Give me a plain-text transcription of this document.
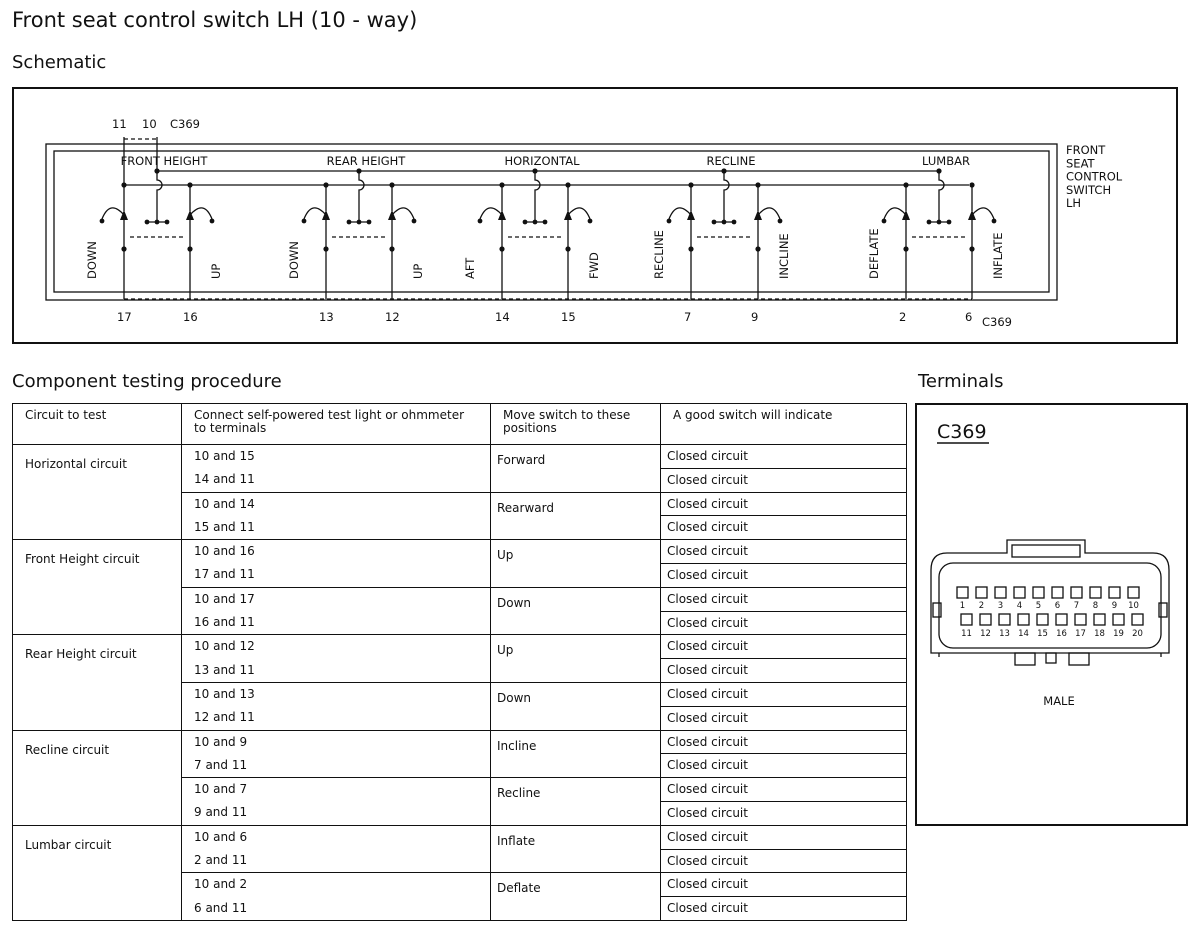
Front seat control switch LH (10 - way)
Schematic
FRONT
SEAT
CONTROL
SWITCH
LH
11 10 C369
C369
FRONT HEIGHT
DOWN	UP
17	16
REAR HEIGHT
DOWN	UP
13	12
HORIZONTAL
AFT	FWD
14	15
RECLINE
RECLINE	INCLINE
7	9
LUMBAR
DEFLATE	INFLATE
2	6
Component testing procedure	Terminals
Circuit to test	Connect self-powered test light or ohmmeter to terminals	Move switch to these positions	A good switch will indicate
Horizontal circuit	10 and 15	Forward	Closed circuit
	14 and 11		Closed circuit
	10 and 14	Rearward	Closed circuit
	15 and 11		Closed circuit
Front Height circuit	10 and 16	Up	Closed circuit
	17 and 11		Closed circuit
	10 and 17	Down	Closed circuit
	16 and 11		Closed circuit
Rear Height circuit	10 and 12	Up	Closed circuit
	13 and 11		Closed circuit
	10 and 13	Down	Closed circuit
	12 and 11		Closed circuit
Recline circuit	10 and 9	Incline	Closed circuit
	7 and 11		Closed circuit
	10 and 7	Recline	Closed circuit
	9 and 11		Closed circuit
Lumbar circuit	10 and 6	Inflate	Closed circuit
	2 and 11		Closed circuit
	10 and 2	Deflate	Closed circuit
	6 and 11		Closed circuit
C369
1 2 3 4 5 6 7 8 9 10
11 12 13 14 15 16 17 18 19 20
MALE
